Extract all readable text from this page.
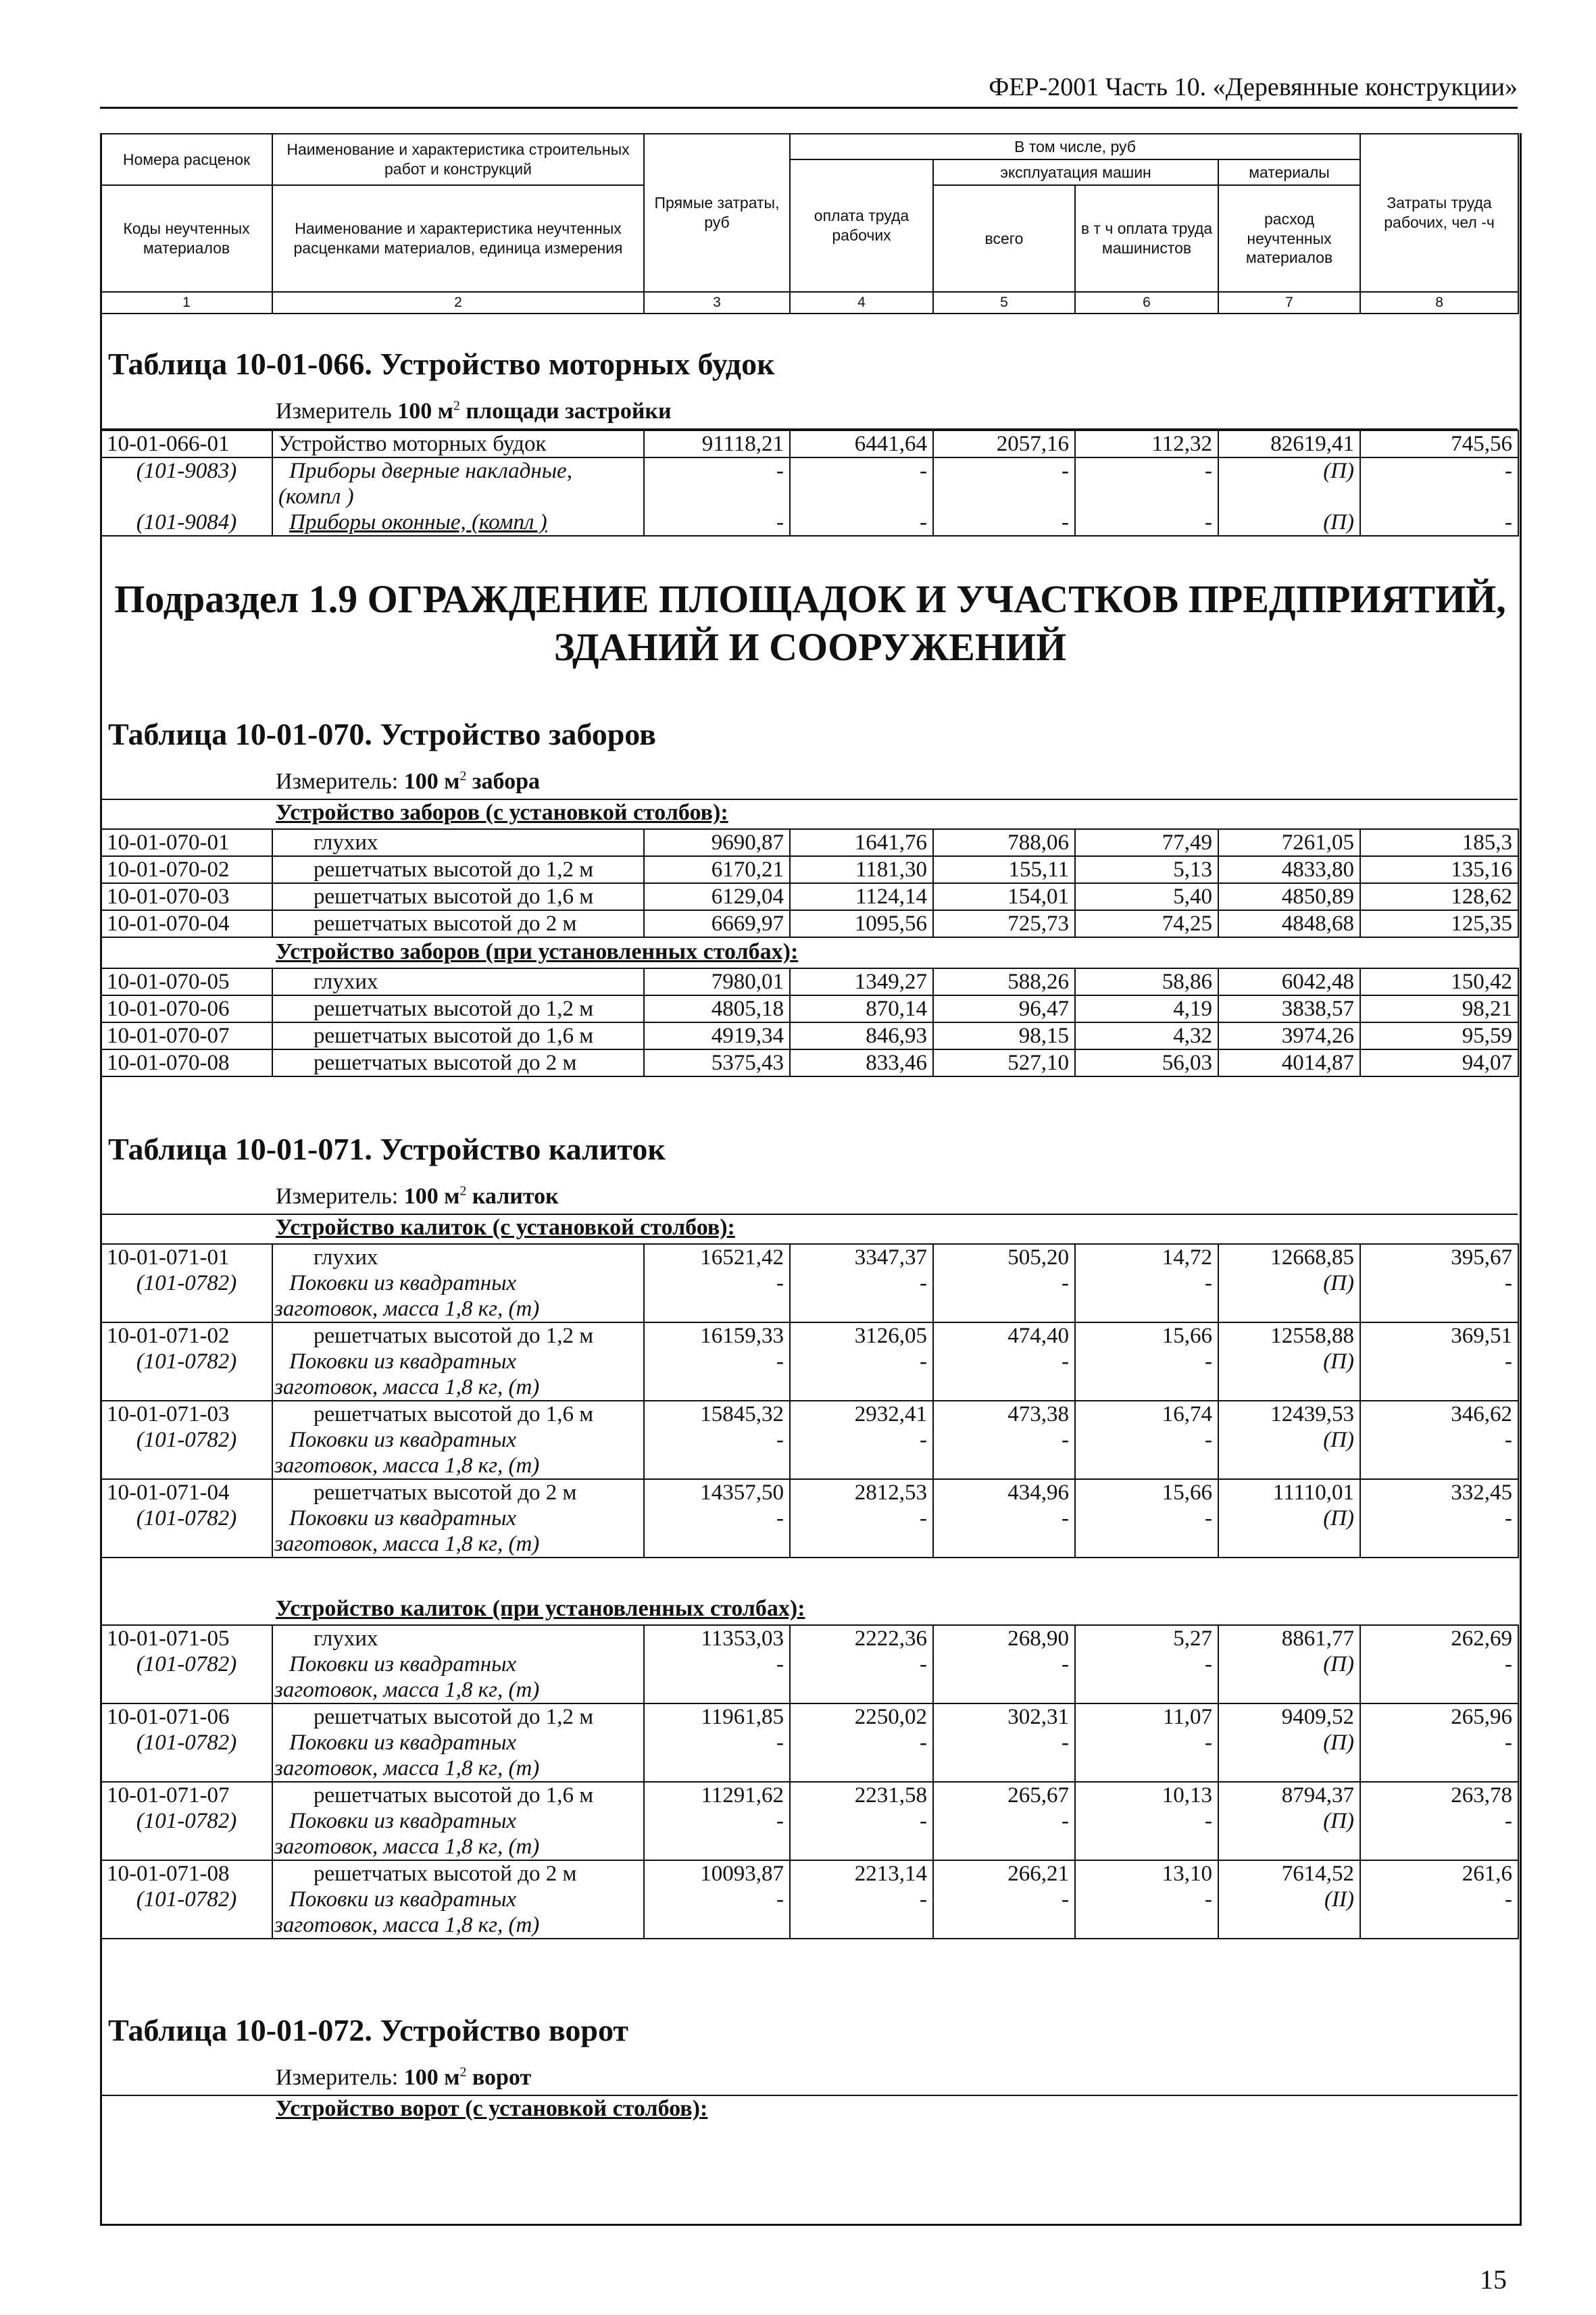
ФЕР-2001 Часть 10. «Деревянные конструкции»
Номера расценок	Наименование и характеристика строительных работ и конструкций	Прямые затраты, руб	В том числе, руб				Затраты труда рабочих, чел -ч
			оплата труда рабочих	эксплуатация машин		материалы	
Коды неучтенных материалов	Наименование и характеристика неучтенных расценками материалов, единица измерения			всего	в т ч оплата труда машинистов	расход неучтенных материалов	

1	2	3	4	5	6	7	8
Таблица 10-01-066. Устройство моторных будок
Измеритель 100 $м^2$ площади застройки
10-01-066-01	Устройство моторных будок	91118,21	6441,64	2057,16	112,32	82619,41	745,56
(101-9083)	Приборы дверные накладные,	-	-	-	-	(П)	-
	(компл )						
(101-9084)	Приборы оконные, (компл )	-	-	-	-	(П)	-
Подраздел 1.9 ОГРАЖДЕНИЕ ПЛОЩАДОК И УЧАСТКОВ ПРЕДПРИЯТИЙ,
ЗДАНИЙ И СООРУЖЕНИЙ
Таблица 10-01-070. Устройство заборов
Измеритель: 100 $м^2$ забора
Устройство заборов (с установкой столбов):
10-01-070-01	глухих	9690,87	1641,76	788,06	77,49	7261,05	185,3
10-01-070-02	решетчатых высотой до 1,2 м	6170,21	1181,30	155,11	5,13	4833,80	135,16
10-01-070-03	решетчатых высотой до 1,6 м	6129,04	1124,14	154,01	5,40	4850,89	128,62
10-01-070-04	решетчатых высотой до 2 м	6669,97	1095,56	725,73	74,25	4848,68	125,35
Устройство заборов (при установленных столбах):
10-01-070-05	глухих	7980,01	1349,27	588,26	58,86	6042,48	150,42
10-01-070-06	решетчатых высотой до 1,2 м	4805,18	870,14	96,47	4,19	3838,57	98,21
10-01-070-07	решетчатых высотой до 1,6 м	4919,34	846,93	98,15	4,32	3974,26	95,59
10-01-070-08	решетчатых высотой до 2 м	5375,43	833,46	527,10	56,03	4014,87	94,07
Таблица 10-01-071. Устройство калиток
Измеритель: 100 $м^2$ калиток
Устройство калиток (с установкой столбов):
10-01-071-01	глухих	16521,42	3347,37	505,20	14,72	12668,85	395,67
(101-0782)	Поковки из квадратных	-	-	-	-	(П)	-
	заготовок, масса 1,8 кг, (т)						
10-01-071-02	решетчатых высотой до 1,2 м	16159,33	3126,05	474,40	15,66	12558,88	369,51
(101-0782)	Поковки из квадратных	-	-	-	-	(П)	-
	заготовок, масса 1,8 кг, (т)						
10-01-071-03	решетчатых высотой до 1,6 м	15845,32	2932,41	473,38	16,74	12439,53	346,62
(101-0782)	Поковки из квадратных	-	-	-	-	(П)	-
	заготовок, масса 1,8 кг, (т)						
10-01-071-04	решетчатых высотой до 2 м	14357,50	2812,53	434,96	15,66	11110,01	332,45
(101-0782)	Поковки из квадратных	-	-	-	-	(П)	-
	заготовок, масса 1,8 кг, (т)						
Устройство калиток (при установленных столбах):
10-01-071-05	глухих	11353,03	2222,36	268,90	5,27	8861,77	262,69
(101-0782)	Поковки из квадратных	-	-	-	-	(П)	-
	заготовок, масса 1,8 кг, (т)						
10-01-071-06	решетчатых высотой до 1,2 м	11961,85	2250,02	302,31	11,07	9409,52	265,96
(101-0782)	Поковки из квадратных	-	-	-	-	(П)	-
	заготовок, масса 1,8 кг, (т)						
10-01-071-07	решетчатых высотой до 1,6 м	11291,62	2231,58	265,67	10,13	8794,37	263,78
(101-0782)	Поковки из квадратных	-	-	-	-	(П)	-
	заготовок, масса 1,8 кг, (т)						
10-01-071-08	решетчатых высотой до 2 м	10093,87	2213,14	266,21	13,10	7614,52	261,6
(101-0782)	Поковки из квадратных	-	-	-	-	(II)	-
	заготовок, масса 1,8 кг, (т)						
Таблица 10-01-072. Устройство ворот
Измеритель: 100 $м^2$ ворот
Устройство ворот (с установкой столбов):
15
